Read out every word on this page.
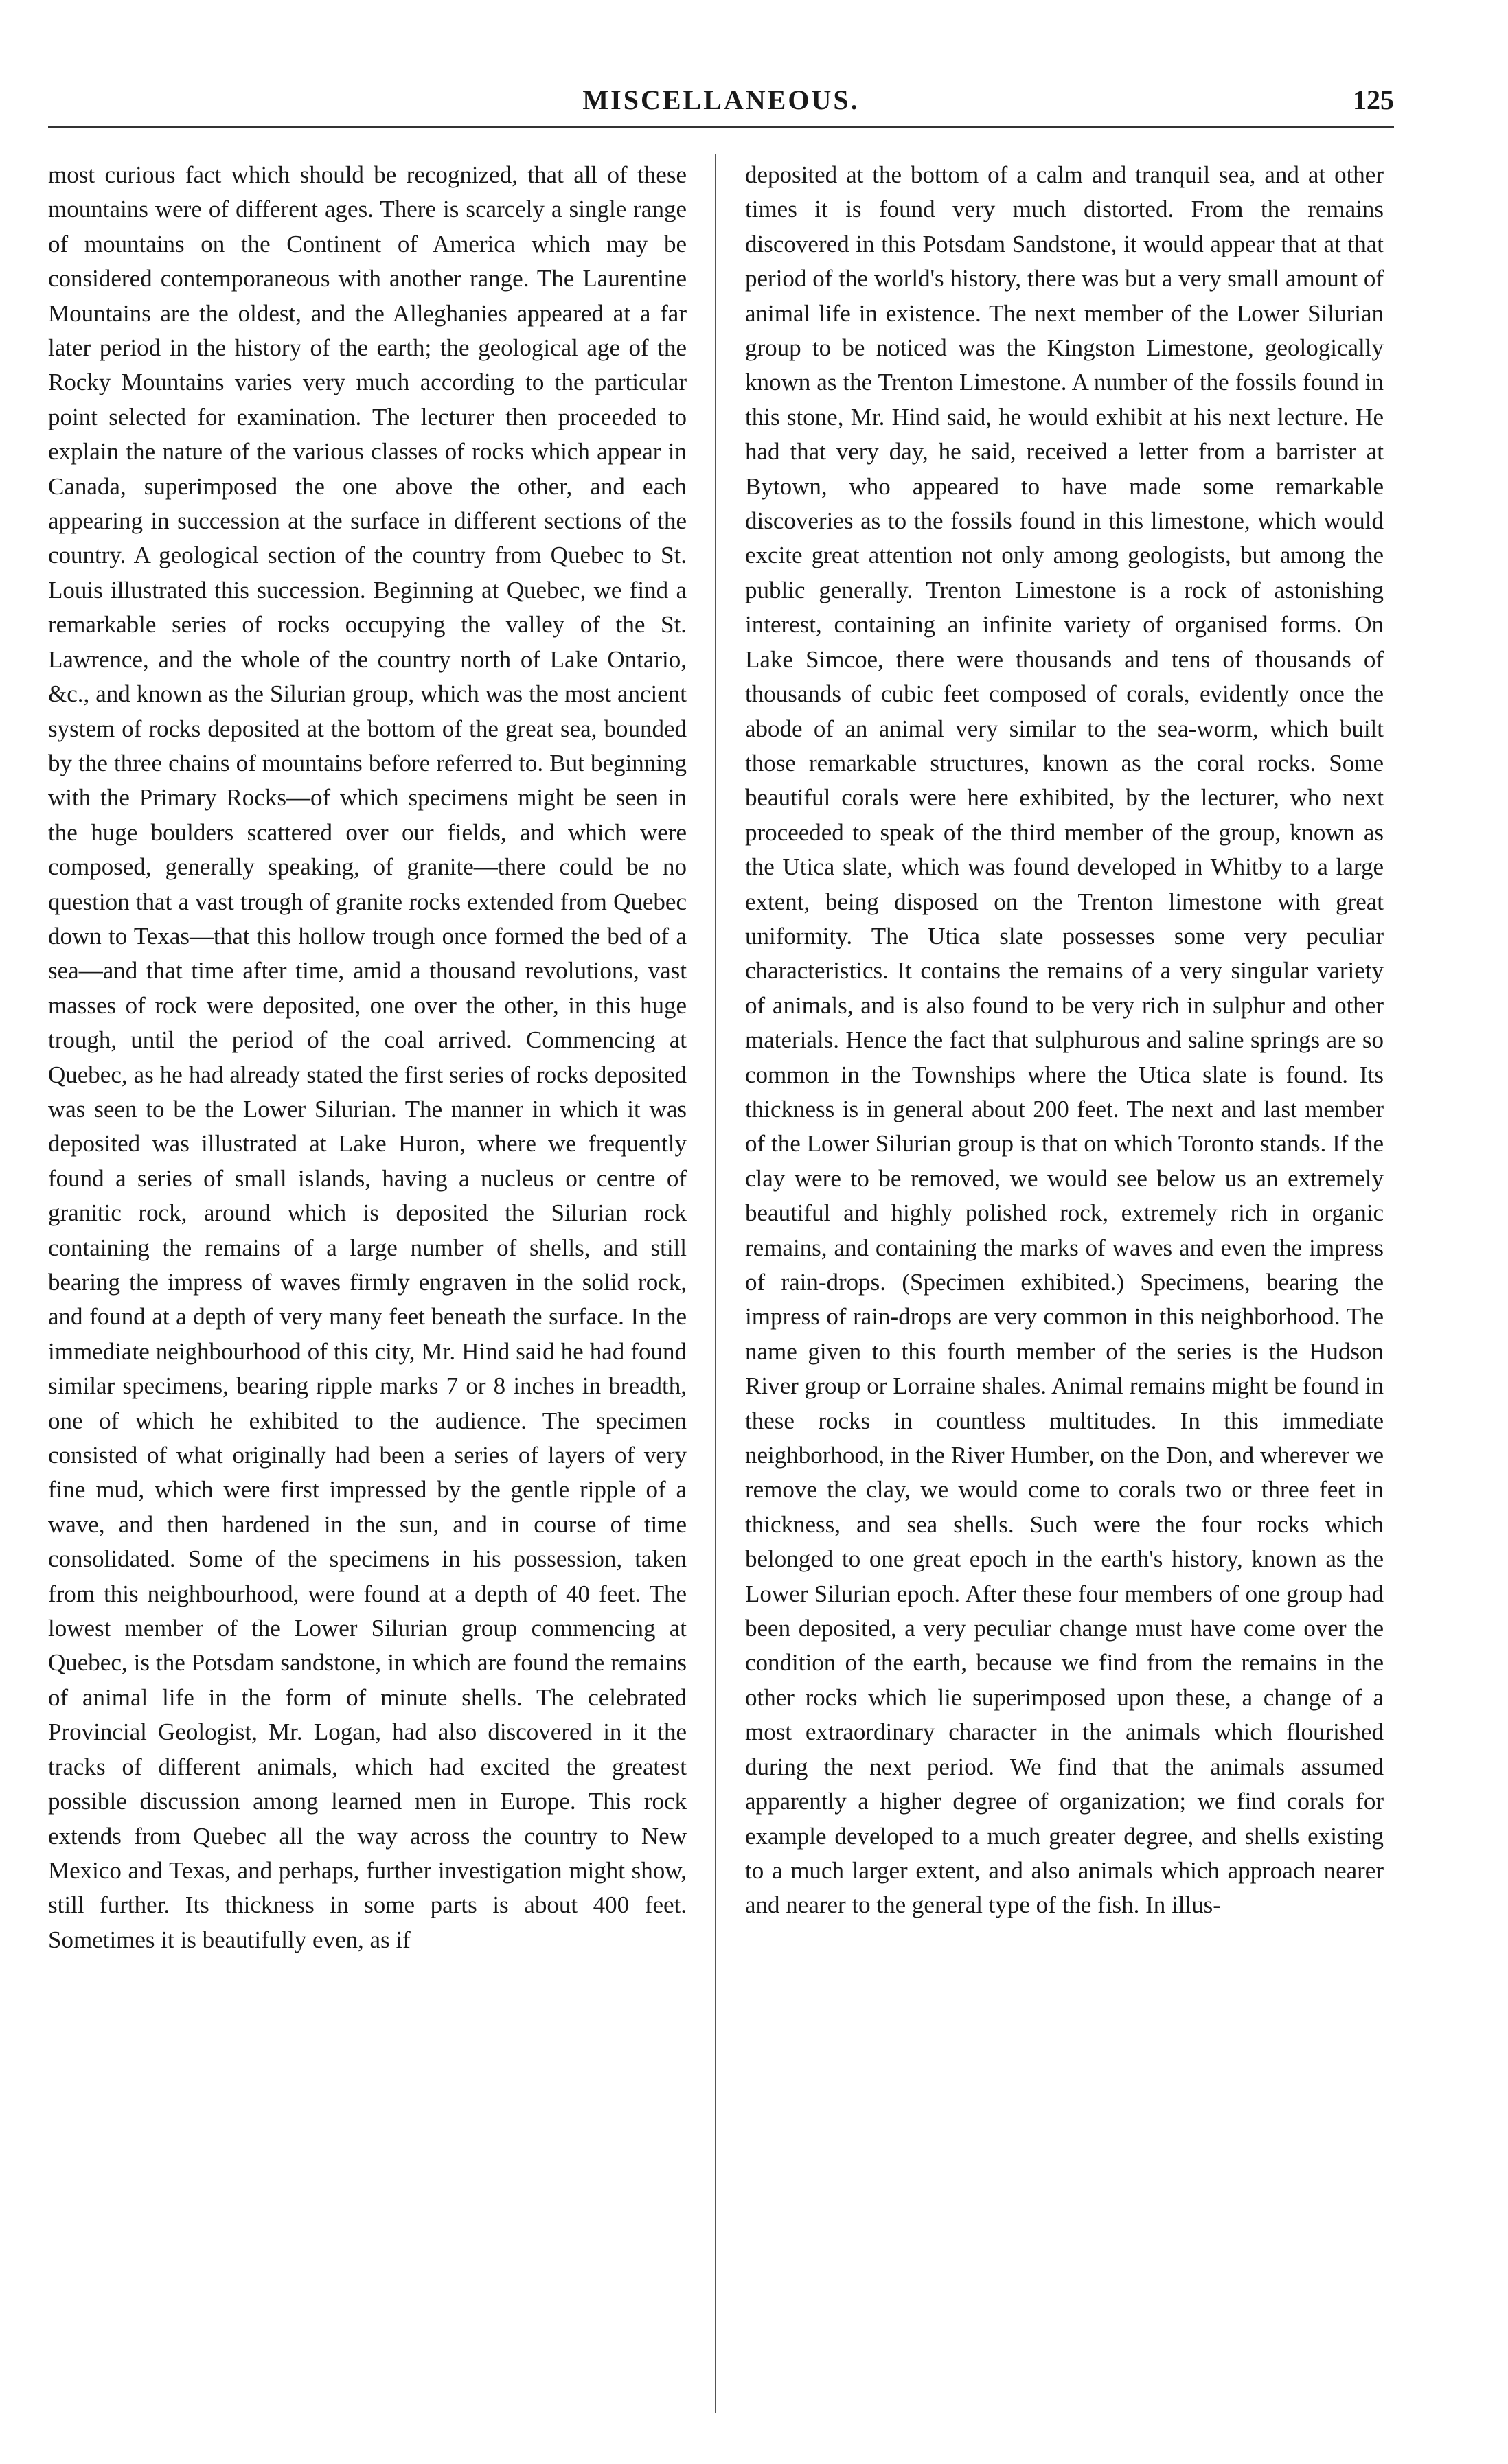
MISCELLANEOUS.	125

most curious fact which should be recognized, that all of these mountains were of different ages. There is scarcely a single range of mountains on the Continent of America which may be considered contemporaneous with another range. The Laurentine Mountains are the oldest, and the Alleghanies appeared at a far later period in the history of the earth; the geological age of the Rocky Mountains varies very much according to the particular point selected for examination. The lecturer then proceeded to explain the nature of the various classes of rocks which appear in Canada, superimposed the one above the other, and each appearing in succession at the surface in different sections of the country. A geological section of the country from Quebec to St. Louis illustrated this succession. Beginning at Quebec, we find a remarkable series of rocks occupying the valley of the St. Lawrence, and the whole of the country north of Lake Ontario, &c., and known as the Silurian group, which was the most ancient system of rocks deposited at the bottom of the great sea, bounded by the three chains of mountains before referred to. But beginning with the Primary Rocks—of which specimens might be seen in the huge boulders scattered over our fields, and which were composed, generally speaking, of granite—there could be no question that a vast trough of granite rocks extended from Quebec down to Texas—that this hollow trough once formed the bed of a sea—and that time after time, amid a thousand revolutions, vast masses of rock were deposited, one over the other, in this huge trough, until the period of the coal arrived. Commencing at Quebec, as he had already stated the first series of rocks deposited was seen to be the Lower Silurian. The manner in which it was deposited was illustrated at Lake Huron, where we frequently found a series of small islands, having a nucleus or centre of granitic rock, around which is deposited the Silurian rock containing the remains of a large number of shells, and still bearing the impress of waves firmly engraven in the solid rock, and found at a depth of very many feet beneath the surface. In the immediate neighbourhood of this city, Mr. Hind said he had found similar specimens, bearing ripple marks 7 or 8 inches in breadth, one of which he exhibited to the audience. The specimen consisted of what originally had been a series of layers of very fine mud, which were first impressed by the gentle ripple of a wave, and then hardened in the sun, and in course of time consolidated. Some of the specimens in his possession, taken from this neighbourhood, were found at a depth of 40 feet. The lowest member of the Lower Silurian group commencing at Quebec, is the Potsdam sandstone, in which are found the remains of animal life in the form of minute shells. The celebrated Provincial Geologist, Mr. Logan, had also discovered in it the tracks of different animals, which had excited the greatest possible discussion among learned men in Europe. This rock extends from Quebec all the way across the country to New Mexico and Texas, and perhaps, further investigation might show, still further. Its thickness in some parts is about 400 feet. Sometimes it is beautifully even, as if

deposited at the bottom of a calm and tranquil sea, and at other times it is found very much distorted. From the remains discovered in this Potsdam Sandstone, it would appear that at that period of the world's history, there was but a very small amount of animal life in existence. The next member of the Lower Silurian group to be noticed was the Kingston Limestone, geologically known as the Trenton Limestone. A number of the fossils found in this stone, Mr. Hind said, he would exhibit at his next lecture. He had that very day, he said, received a letter from a barrister at Bytown, who appeared to have made some remarkable discoveries as to the fossils found in this limestone, which would excite great attention not only among geologists, but among the public generally. Trenton Limestone is a rock of astonishing interest, containing an infinite variety of organised forms. On Lake Simcoe, there were thousands and tens of thousands of thousands of cubic feet composed of corals, evidently once the abode of an animal very similar to the sea-worm, which built those remarkable structures, known as the coral rocks. Some beautiful corals were here exhibited, by the lecturer, who next proceeded to speak of the third member of the group, known as the Utica slate, which was found developed in Whitby to a large extent, being disposed on the Trenton limestone with great uniformity. The Utica slate possesses some very peculiar characteristics. It contains the remains of a very singular variety of animals, and is also found to be very rich in sulphur and other materials. Hence the fact that sulphurous and saline springs are so common in the Townships where the Utica slate is found. Its thickness is in general about 200 feet. The next and last member of the Lower Silurian group is that on which Toronto stands. If the clay were to be removed, we would see below us an extremely beautiful and highly polished rock, extremely rich in organic remains, and containing the marks of waves and even the impress of rain-drops. (Specimen exhibited.) Specimens, bearing the impress of rain-drops are very common in this neighborhood. The name given to this fourth member of the series is the Hudson River group or Lorraine shales. Animal remains might be found in these rocks in countless multitudes. In this immediate neighborhood, in the River Humber, on the Don, and wherever we remove the clay, we would come to corals two or three feet in thickness, and sea shells. Such were the four rocks which belonged to one great epoch in the earth's history, known as the Lower Silurian epoch. After these four members of one group had been deposited, a very peculiar change must have come over the condition of the earth, because we find from the remains in the other rocks which lie superimposed upon these, a change of a most extraordinary character in the animals which flourished during the next period. We find that the animals assumed apparently a higher degree of organization; we find corals for example developed to a much greater degree, and shells existing to a much larger extent, and also animals which approach nearer and nearer to the general type of the fish. In illus-
